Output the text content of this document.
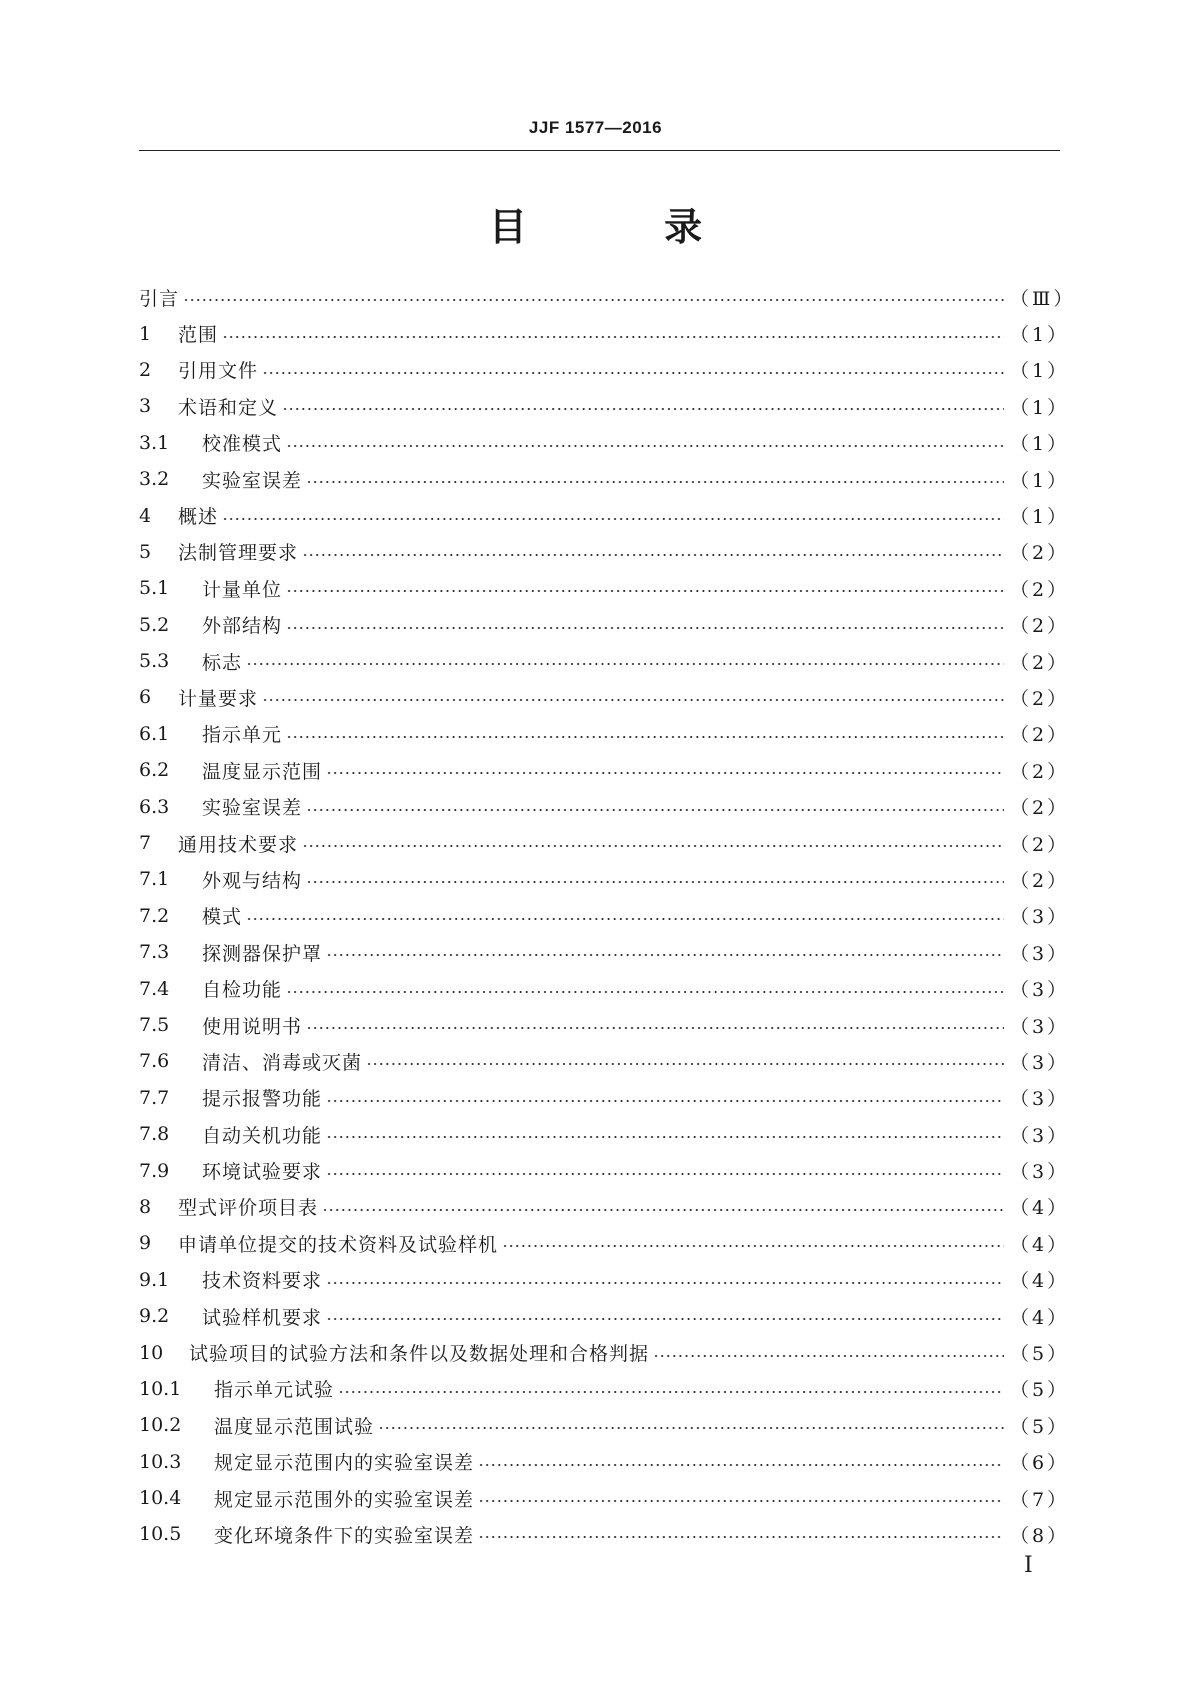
JJF 1577—2016
目 录
引言	（Ⅲ）
1	范围	（1）
2	引用文件	（1）
3	术语和定义	（1）
3.1	校准模式	（1）
3.2	实验室误差	（1）
4	概述	（1）
5	法制管理要求	（2）
5.1	计量单位	（2）
5.2	外部结构	（2）
5.3	标志	（2）
6	计量要求	（2）
6.1	指示单元	（2）
6.2	温度显示范围	（2）
6.3	实验室误差	（2）
7	通用技术要求	（2）
7.1	外观与结构	（2）
7.2	模式	（3）
7.3	探测器保护罩	（3）
7.4	自检功能	（3）
7.5	使用说明书	（3）
7.6	清洁、消毒或灭菌	（3）
7.7	提示报警功能	（3）
7.8	自动关机功能	（3）
7.9	环境试验要求	（3）
8	型式评价项目表	（4）
9	申请单位提交的技术资料及试验样机	（4）
9.1	技术资料要求	（4）
9.2	试验样机要求	（4）
10	试验项目的试验方法和条件以及数据处理和合格判据	（5）
10.1	指示单元试验	（5）
10.2	温度显示范围试验	（5）
10.3	规定显示范围内的实验室误差	（6）
10.4	规定显示范围外的实验室误差	（7）
10.5	变化环境条件下的实验室误差	（8）
I
